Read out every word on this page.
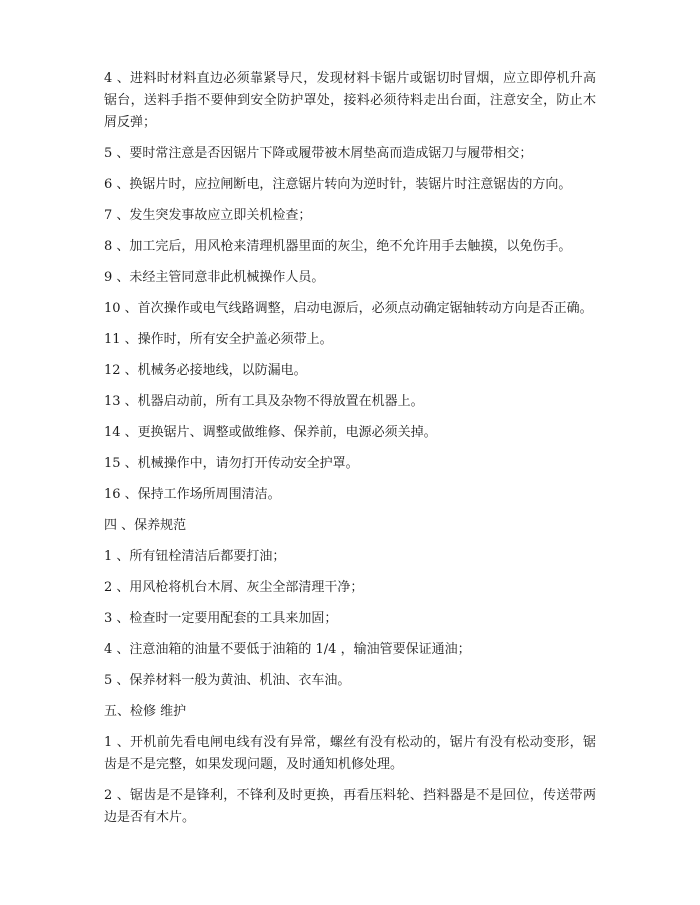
4 、进料时材料直边必须靠紧导尺，发现材料卡锯片或锯切时冒烟，应立即停机升高锯台，送料手指不要伸到安全防护罩处，接料必须待料走出台面，注意安全，防止木屑反弹；

5 、要时常注意是否因锯片下降或履带被木屑垫高而造成锯刀与履带相交；

6 、换锯片时，应拉闸断电，注意锯片转向为逆时针，装锯片时注意锯齿的方向。

7 、发生突发事故应立即关机检查；

8 、加工完后，用风枪来清理机器里面的灰尘，绝不允许用手去触摸，以免伤手。

9 、未经主管同意非此机械操作人员。

10 、首次操作或电气线路调整，启动电源后，必须点动确定锯轴转动方向是否正确。

11 、操作时，所有安全护盖必须带上。

12 、机械务必接地线，以防漏电。

13 、机器启动前，所有工具及杂物不得放置在机器上。

14 、更换锯片、调整或做维修、保养前，电源必须关掉。

15 、机械操作中，请勿打开传动安全护罩。

16 、保持工作场所周围清洁。

四 、保养规范

1 、所有钮栓清洁后都要打油；

2 、用风枪将机台木屑、灰尘全部清理干净；

3 、检查时一定要用配套的工具来加固；

4 、注意油箱的油量不要低于油箱的 1/4 ，输油管要保证通油；

5 、保养材料一般为黄油、机油、衣车油。

五、检修 维护

1 、开机前先看电闸电线有没有异常，螺丝有没有松动的，锯片有没有松动变形，锯齿是不是完整，如果发现问题，及时通知机修处理。

2 、锯齿是不是锋利，不锋利及时更换，再看压料轮、挡料器是不是回位，传送带两边是否有木片。
